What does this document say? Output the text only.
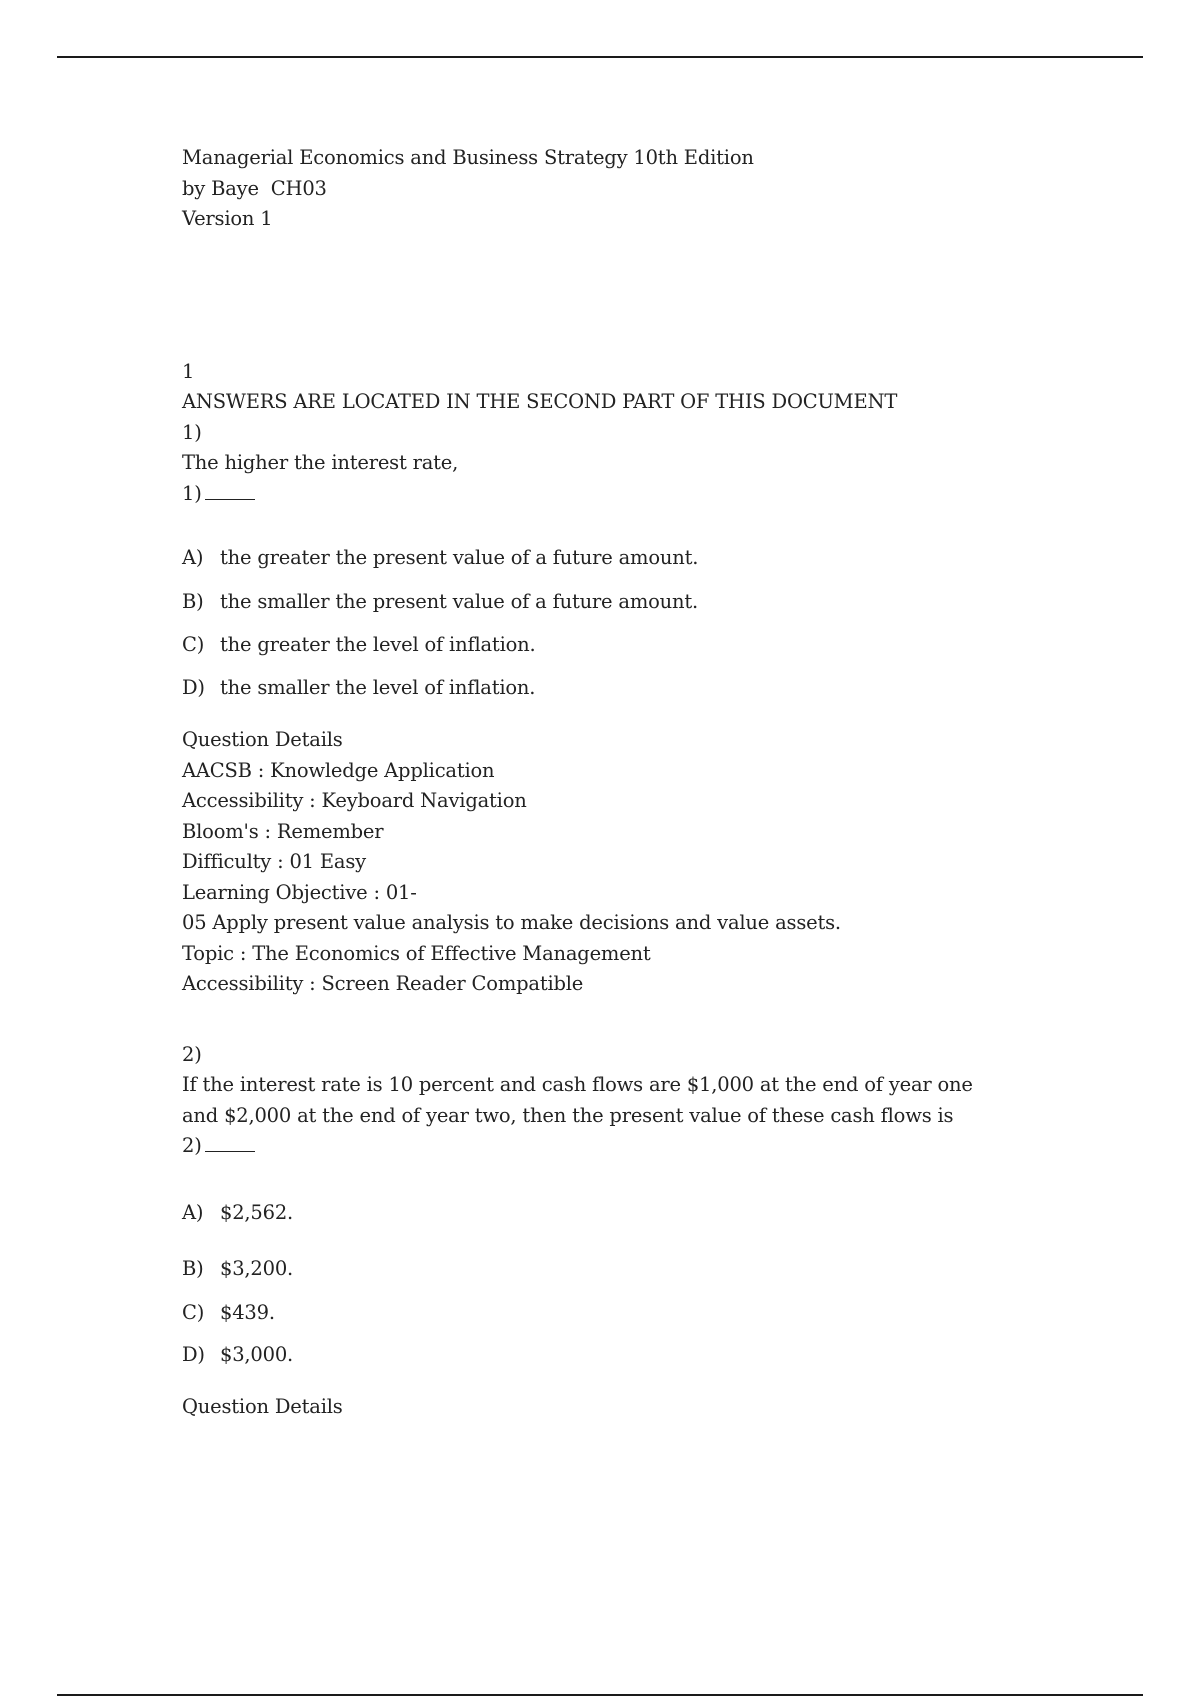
Managerial Economics and Business Strategy 10th Edition
by Baye  CH03
Version 1
1
ANSWERS ARE LOCATED IN THE SECOND PART OF THIS DOCUMENT
1)
The higher the interest rate,
1)
A) the greater the present value of a future amount.
B) the smaller the present value of a future amount.
C) the greater the level of inflation.
D) the smaller the level of inflation.
Question Details
AACSB : Knowledge Application
Accessibility : Keyboard Navigation
Bloom's : Remember
Difficulty : 01 Easy
Learning Objective : 01-
05 Apply present value analysis to make decisions and value assets.
Topic : The Economics of Effective Management
Accessibility : Screen Reader Compatible
2)
If the interest rate is 10 percent and cash flows are $1,000 at the end of year one and $2,000 at the end of year two, then the present value of these cash flows is
2)
A) $2,562.
B) $3,200.
C) $439.
D) $3,000.
Question Details
